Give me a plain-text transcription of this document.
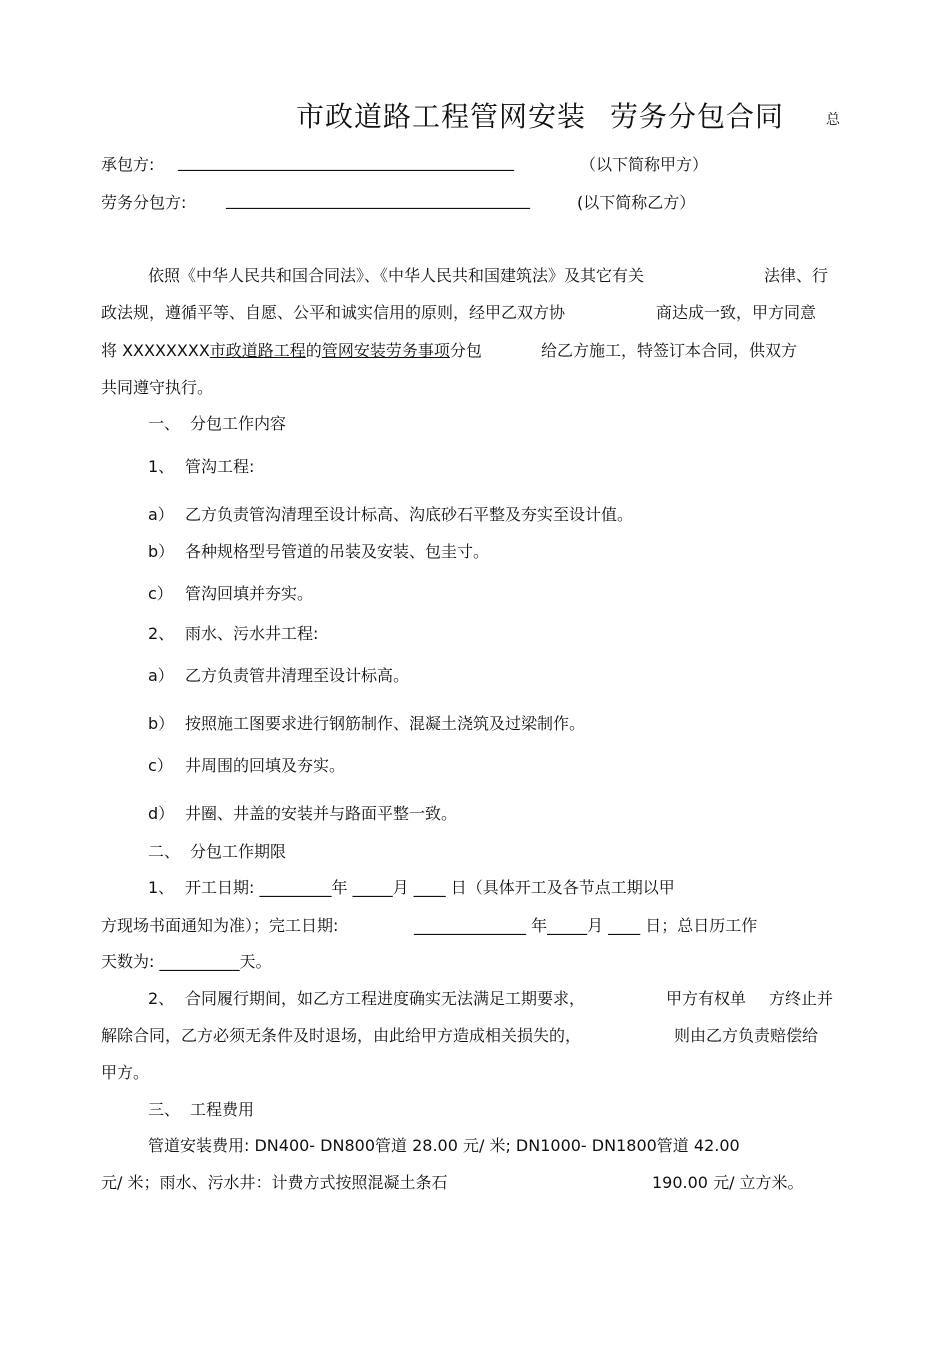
市政道路工程管网安装 劳务分包合同	总
承包方: __________________________________________	（以下简称甲方）
劳务分包方: ______________________________________	(以下简称乙方）
依照《中华人民共和国合同法》、《中华人民共和国建筑法》及其它有关	法律、行
政法规，遵循平等、自愿、公平和诚实信用的原则，经甲乙双方协	商达成一致，甲方同意
将 XXXXXXXX市政道路工程的管网安装劳务事项分包	给乙方施工，特签订本合同，供双方
共同遵守执行。
一、 分包工作内容
1、 管沟工程:
a） 乙方负责管沟清理至设计标高、沟底砂石平整及夯实至设计值。
b） 各种规格型号管道的吊装及安装、包圭寸。
c） 管沟回填并夯实。
2、 雨水、污水井工程:
a） 乙方负责管井清理至设计标高。
b） 按照施工图要求进行钢筋制作、混凝土浇筑及过梁制作。
c） 井周围的回填及夯实。
d） 井圈、井盖的安装并与路面平整一致。
二、 分包工作期限
1、 开工日期: _________年 _____月 ____ 日（具体开工及各节点工期以甲
方现场书面通知为准）；完工日期:	______________ 年_____月 ____ 日；总日历工作
天数为: __________天。
2、 合同履行期间，如乙方工程进度确实无法满足工期要求，	甲方有权单 方终止并
解除合同，乙方必须无条件及时退场，由此给甲方造成相关损失的，	则由乙方负责赔偿给
甲方。
三、 工程费用
管道安装费用: DN400- DN800管道 28.00 元/ 米; DN1000- DN1800管道 42.00
元/ 米；雨水、污水井：计费方式按照混凝土条石	190.00 元/ 立方米。
